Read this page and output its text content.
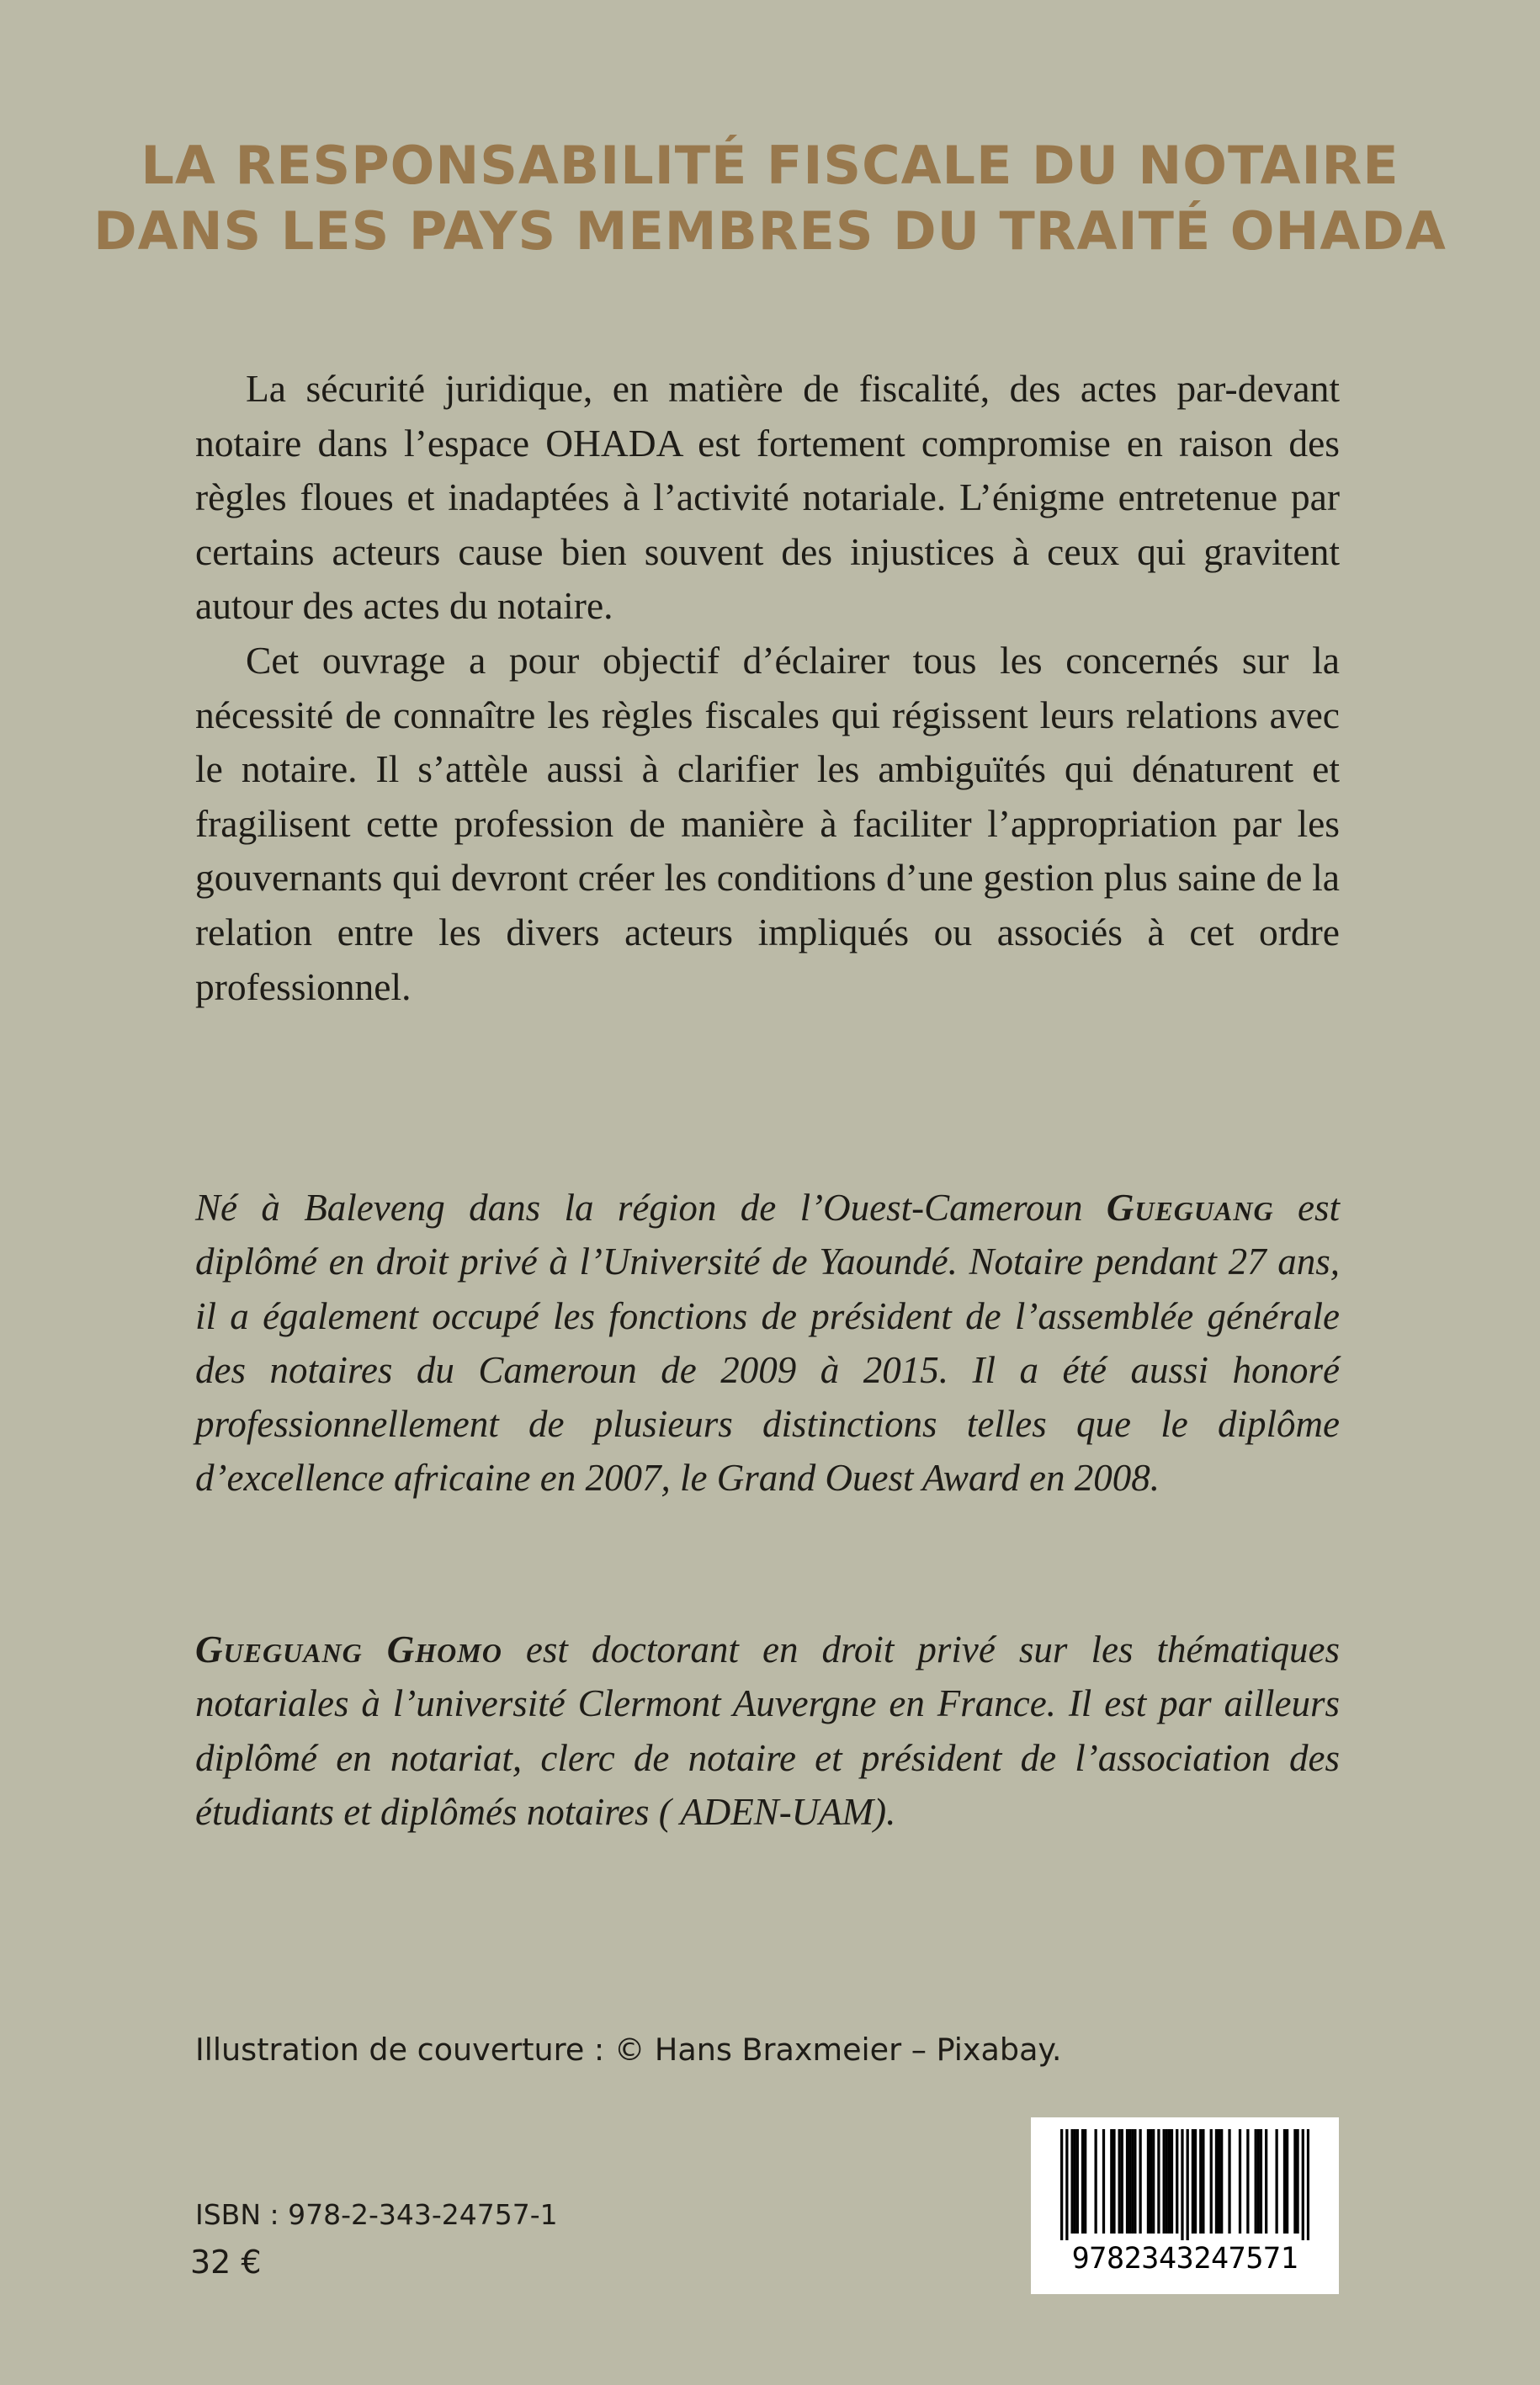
LA RESPONSABILITÉ FISCALE DU NOTAIRE
DANS LES PAYS MEMBRES DU TRAITÉ OHADA

La sécurité juridique, en matière de fiscalité, des actes par-devant notaire dans l’espace OHADA est fortement compromise en raison des règles floues et inadaptées à l’activité notariale. L’énigme entretenue par certains acteurs cause bien souvent des injustices à ceux qui gravitent autour des actes du notaire.

Cet ouvrage a pour objectif d’éclairer tous les concernés sur la nécessité de connaître les règles fiscales qui régissent leurs relations avec le notaire. Il s’attèle aussi à clarifier les ambiguïtés qui dénaturent et fragilisent cette profession de manière à faciliter l’appropriation par les gouvernants qui devront créer les conditions d’une gestion plus saine de la relation entre les divers acteurs impliqués ou associés à cet ordre professionnel.

Né à Baleveng dans la région de l’Ouest-Cameroun Gueguang est diplômé en droit privé à l’Université de Yaoundé. Notaire pendant 27 ans, il a également occupé les fonctions de président de l’assemblée générale des notaires du Cameroun de 2009 à 2015. Il a été aussi honoré professionnellement de plusieurs distinctions telles que le diplôme d’excellence africaine en 2007, le Grand Ouest Award en 2008.
Gueguang Ghomo est doctorant en droit privé sur les thématiques notariales à l’université Clermont Auvergne en France. Il est par ailleurs diplômé en notariat, clerc de notaire et président de l’association des étudiants et diplômés notaires ( ADEN-UAM).
Illustration de couverture : © Hans Braxmeier – Pixabay.
ISBN : 978-2-343-24757-1
32 €	9782343247571
